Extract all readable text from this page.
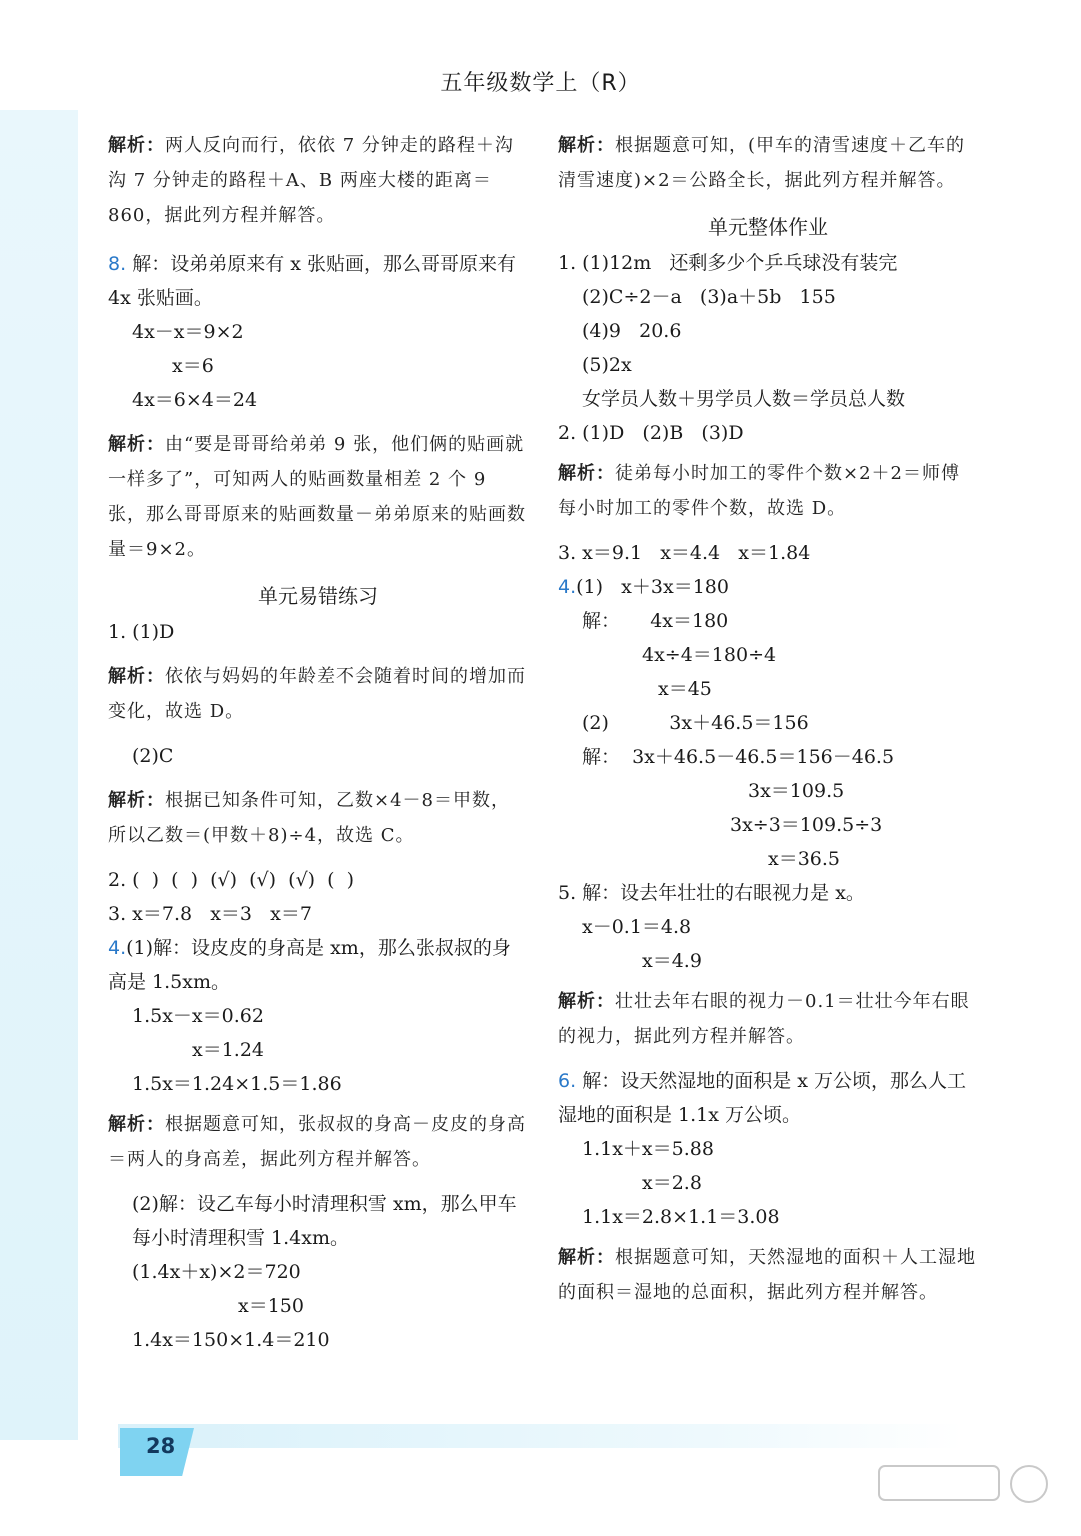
五年级数学上（R）
解析：两人反向而行，依依 7 分钟走的路程＋沟沟 7 分钟走的路程＋A、B 两座大楼的距离＝860，据此列方程并解答。
8. 解：设弟弟原来有 x 张贴画，那么哥哥原来有 4x 张贴画。
4x－x＝9×2
x＝6
4x＝6×4＝24
解析：由“要是哥哥给弟弟 9 张，他们俩的贴画就一样多了”，可知两人的贴画数量相差 2 个 9 张，那么哥哥原来的贴画数量－弟弟原来的贴画数量＝9×2。
单元易错练习
1. (1)D
解析：依依与妈妈的年龄差不会随着时间的增加而变化，故选 D。
(2)C
解析：根据已知条件可知，乙数×4－8＝甲数，所以乙数＝(甲数＋8)÷4，故选 C。
2. (  )  (  )  (√)  (√)  (√)  (  )
3. x＝7.8   x＝3   x＝7
4.(1)解：设皮皮的身高是 xm，那么张叔叔的身高是 1.5xm。
1.5x－x＝0.62
x＝1.24
1.5x＝1.24×1.5＝1.86
解析：根据题意可知，张叔叔的身高－皮皮的身高＝两人的身高差，据此列方程并解答。
(2)解：设乙车每小时清理积雪 xm，那么甲车每小时清理积雪 1.4xm。
(1.4x＋x)×2＝720
x＝150
1.4x＝150×1.4＝210
解析：根据题意可知，(甲车的清雪速度＋乙车的清雪速度)×2＝公路全长，据此列方程并解答。
单元整体作业
1. (1)12m   还剩多少个乒乓球没有装完
(2)C÷2－a   (3)a＋5b   155
(4)9   20.6
(5)2x
女学员人数＋男学员人数＝学员总人数
2. (1)D   (2)B   (3)D
解析：徒弟每小时加工的零件个数×2＋2＝师傅每小时加工的零件个数，故选 D。
3. x＝9.1   x＝4.4   x＝1.84
4.(1)   x＋3x＝180
解：     4x＝180
4x÷4＝180÷4
x＝45
(2)          3x＋46.5＝156
解：  3x＋46.5－46.5＝156－46.5
3x＝109.5
3x÷3＝109.5÷3
x＝36.5
5. 解：设去年壮壮的右眼视力是 x。
x－0.1＝4.8
x＝4.9
解析：壮壮去年右眼的视力－0.1＝壮壮今年右眼的视力，据此列方程并解答。
6. 解：设天然湿地的面积是 x 万公顷，那么人工湿地的面积是 1.1x 万公顷。
1.1x＋x＝5.88
x＝2.8
1.1x＝2.8×1.1＝3.08
解析：根据题意可知，天然湿地的面积＋人工湿地的面积＝湿地的总面积，据此列方程并解答。
28
